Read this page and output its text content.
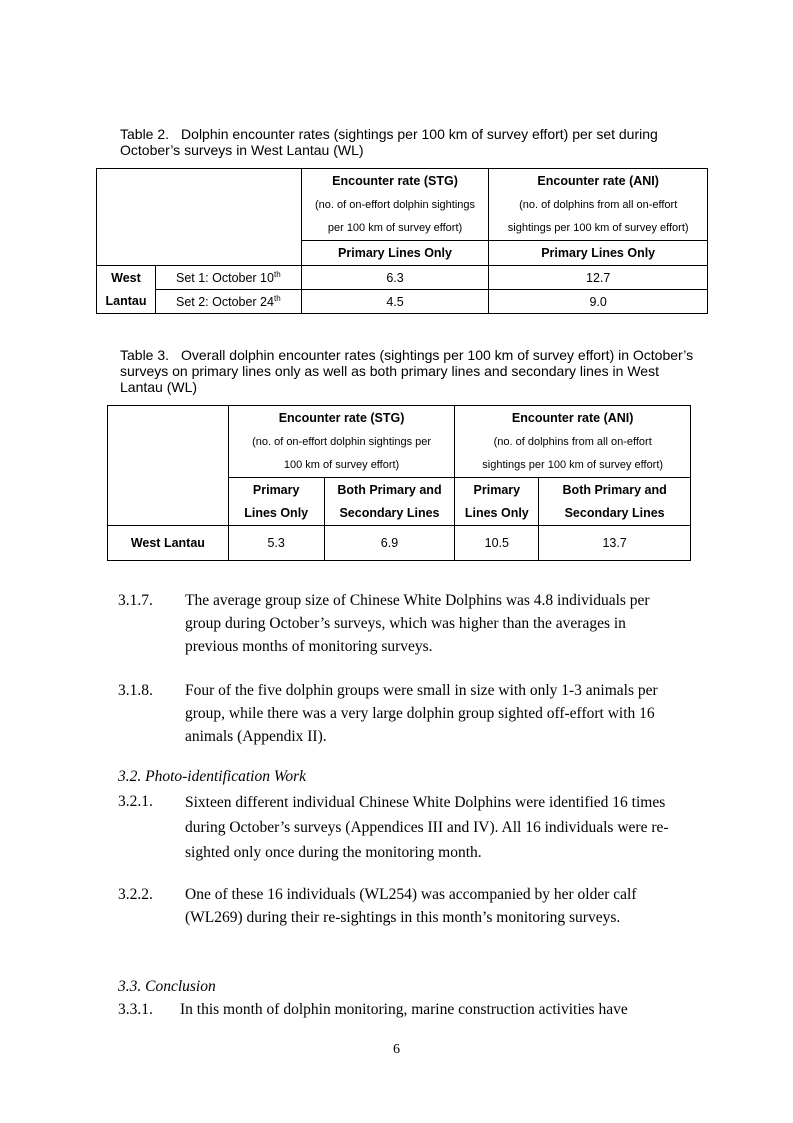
Table 2. Dolphin encounter rates (sightings per 100 km of survey effort) per set during October’s surveys in West Lantau (WL)
		Encounter rate (STG)	Encounter rate (ANI)
		(no. of on-effort dolphin sightings	(no. of dolphins from all on-effort
		per 100 km of survey effort)	sightings per 100 km of survey effort)
		Primary Lines Only	Primary Lines Only
West	Set 1: October 10th	6.3	12.7
Lantau	Set 2: October 24th	4.5	9.0
Table 3. Overall dolphin encounter rates (sightings per 100 km of survey effort) in October’s surveys on primary lines only as well as both primary lines and secondary lines in West Lantau (WL)
	Encounter rate (STG)		Encounter rate (ANI)	
	(no. of on-effort dolphin sightings per		(no. of dolphins from all on-effort	
	100 km of survey effort)		sightings per 100 km of survey effort)	
	Primary	Both Primary and	Primary	Both Primary and
	Lines Only	Secondary Lines	Lines Only	Secondary Lines
West Lantau	5.3	6.9	10.5	13.7
3.1.7. The average group size of Chinese White Dolphins was 4.8 individuals per group during October’s surveys, which was higher than the averages in previous months of monitoring surveys.
3.1.8. Four of the five dolphin groups were small in size with only 1-3 animals per group, while there was a very large dolphin group sighted off-effort with 16 animals (Appendix II).
3.2. Photo-identification Work
3.2.1. Sixteen different individual Chinese White Dolphins were identified 16 times during October’s surveys (Appendices III and IV). All 16 individuals were re-sighted only once during the monitoring month.
3.2.2. One of these 16 individuals (WL254) was accompanied by her older calf (WL269) during their re-sightings in this month’s monitoring surveys.
3.3. Conclusion
3.3.1. In this month of dolphin monitoring, marine construction activities have
6
